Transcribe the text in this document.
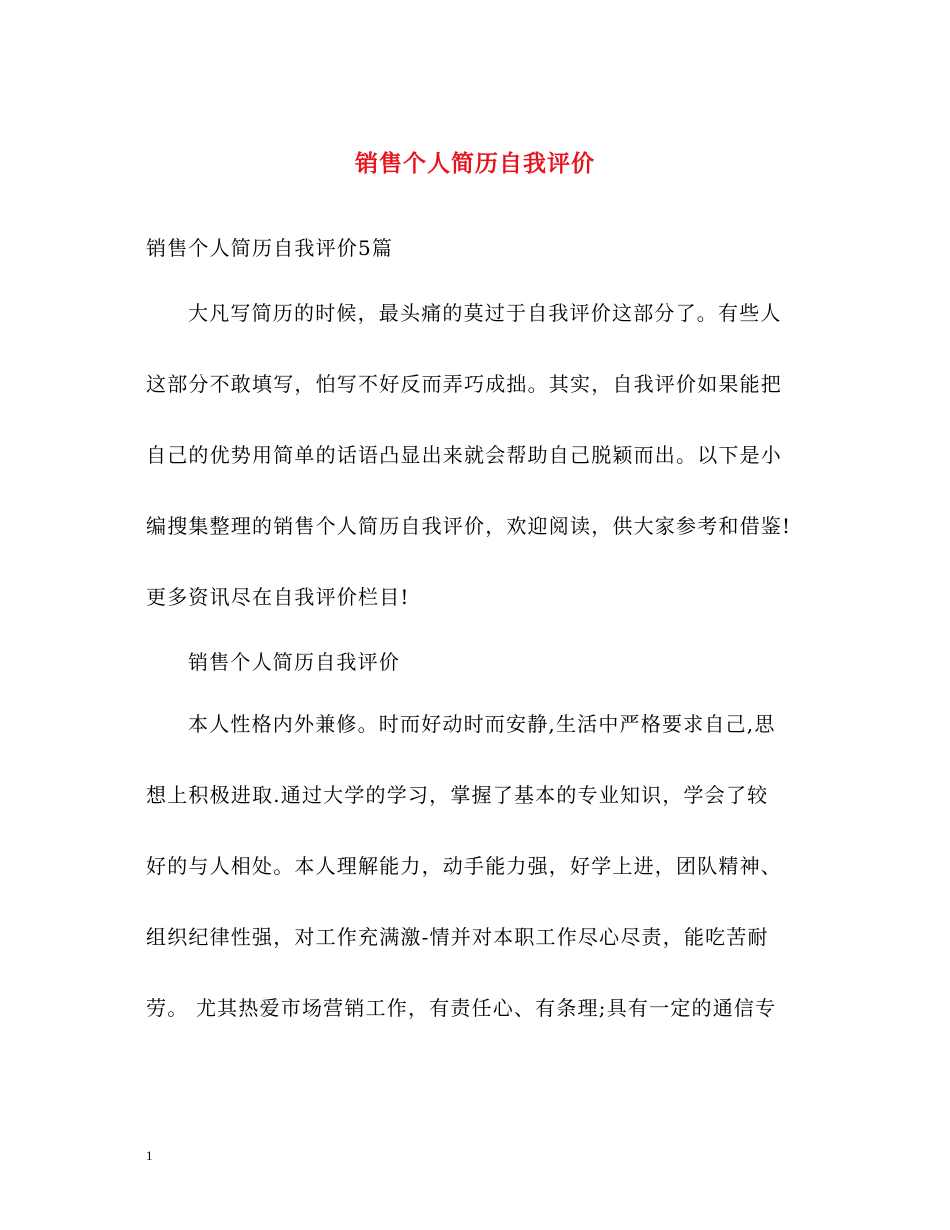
销售个人简历自我评价
销售个人简历自我评价5篇
大凡写简历的时候，最头痛的莫过于自我评价这部分了。有些人
这部分不敢填写，怕写不好反而弄巧成拙。其实，自我评价如果能把
自己的优势用简单的话语凸显出来就会帮助自己脱颖而出。以下是小
编搜集整理的销售个人简历自我评价，欢迎阅读，供大家参考和借鉴!
更多资讯尽在自我评价栏目!
销售个人简历自我评价
本人性格内外兼修。时而好动时而安静,生活中严格要求自己,思
想上积极进取.通过大学的学习，掌握了基本的专业知识，学会了较
好的与人相处。本人理解能力，动手能力强，好学上进，团队精神、
组织纪律性强，对工作充满激-情并对本职工作尽心尽责，能吃苦耐
劳。 尤其热爱市场营销工作，有责任心、有条理;具有一定的通信专
1
